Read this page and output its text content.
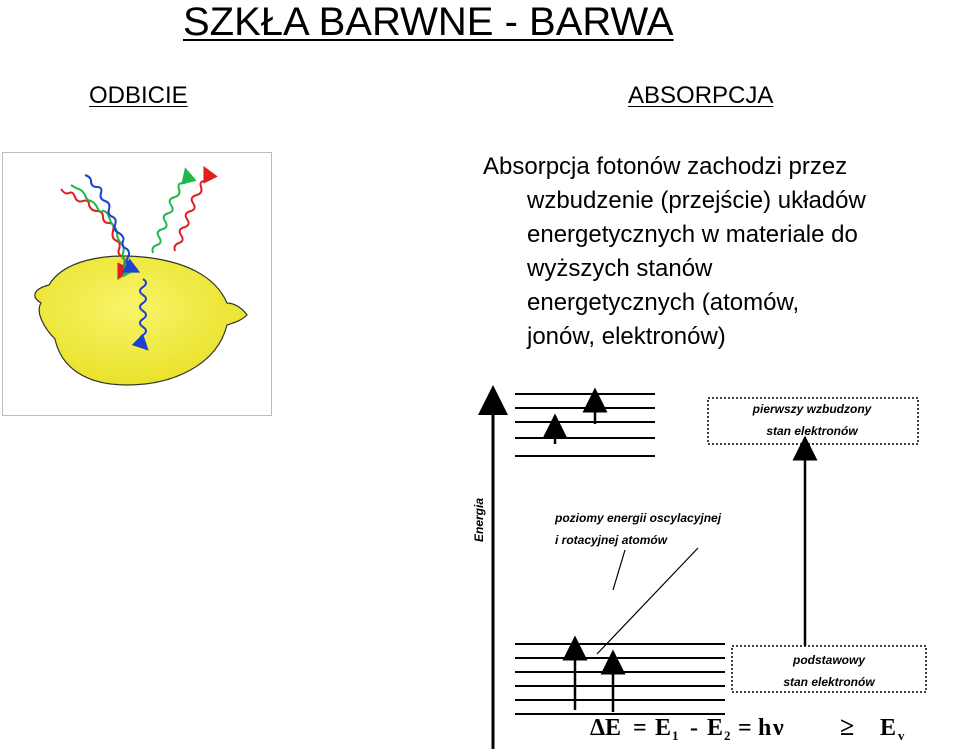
SZKŁA BARWNE - BARWA
ODBICIE	ABSORPCJA
Absorpcja fotonów zachodzi przez
wzbudzenie (przejście) układów
energetycznych w materiale do
wyższych stanów
energetycznych (atomów,
jonów, elektronów)
Energia
pierwszy wzbudzony
stan elektronów
poziomy energii oscylacyjnej
i rotacyjnej atomów
podstawowy
stan elektronów
ΔE = E 1 - E 2 = h ν ≥ E v
